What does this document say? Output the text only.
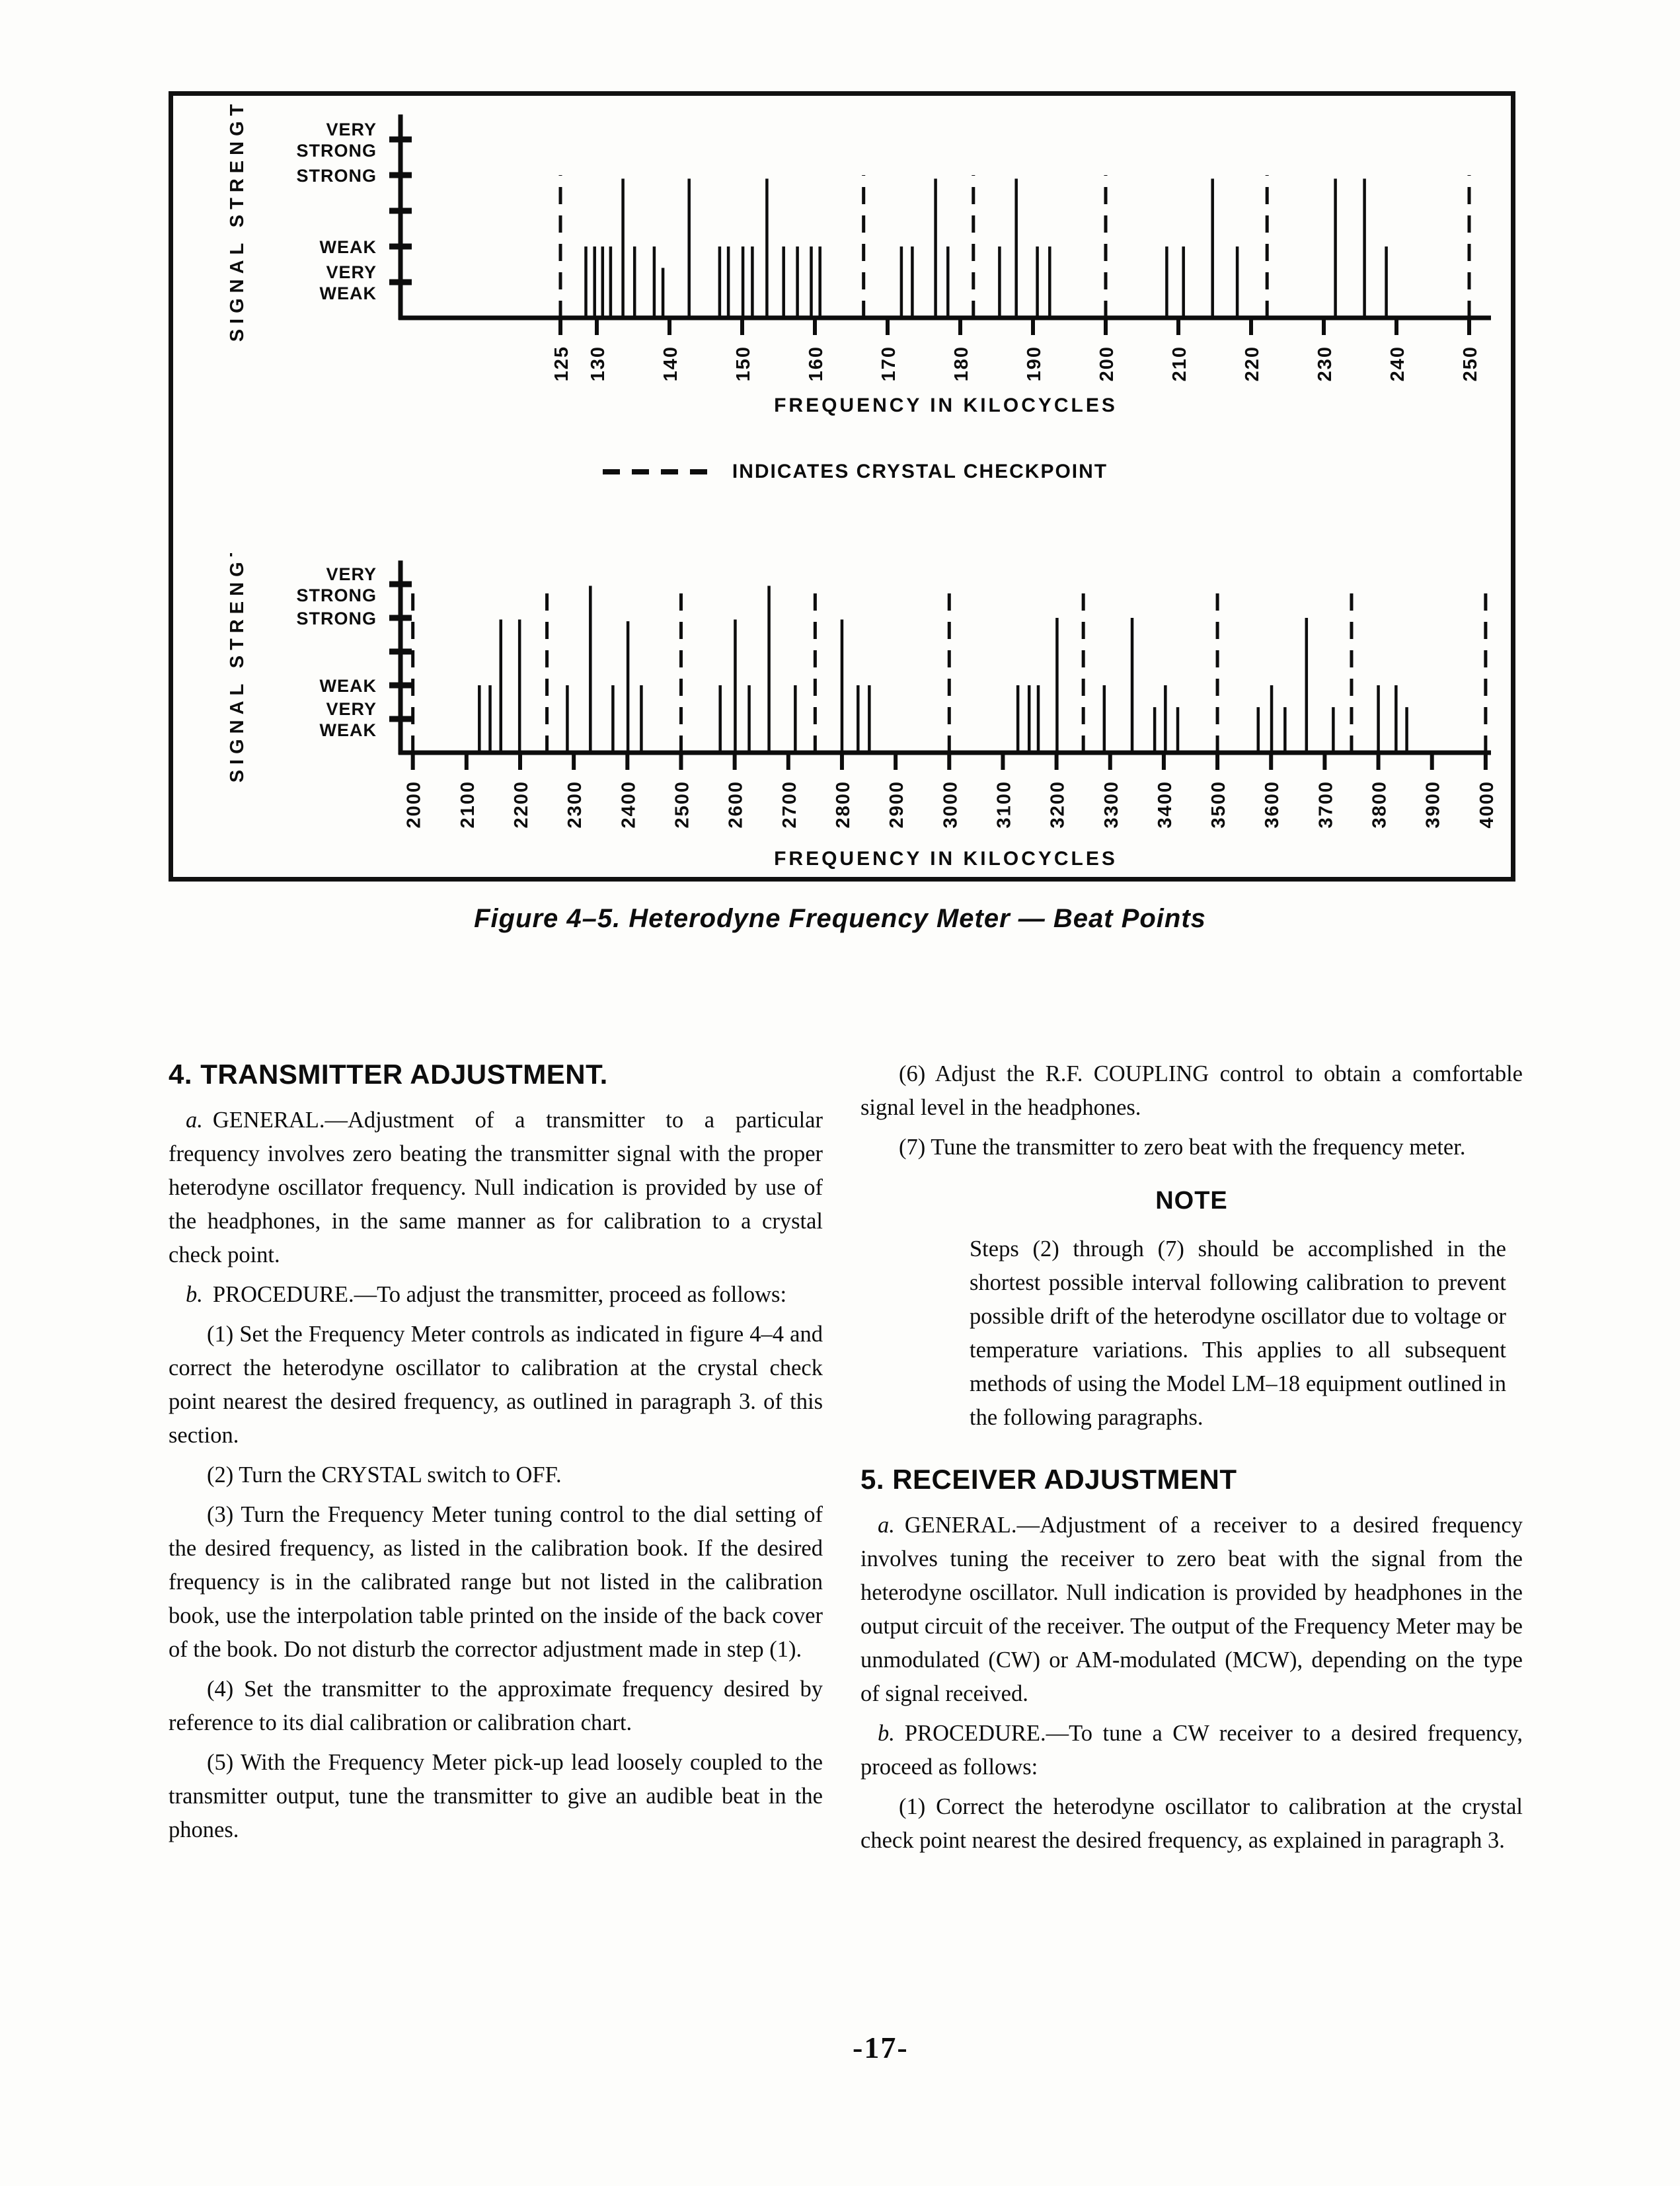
VERY
WEAK
WEAK
STRONG
VERY
STRONG
SIGNAL STRENGTH
125 130	140	150	160	170	180	190	200	210	220	230	240	250
FREQUENCY IN KILOCYCLES
INDICATES CRYSTAL CHECKPOINT
VERY
WEAK
WEAK
STRONG
VERY
STRONG
SIGNAL STRENGTH
2000 2100 2200 2300 2400 2500 2600 2700 2800 2900 3000 3100 3200 3300 3400 3500 3600 3700 3800 3900 4000
FREQUENCY IN KILOCYCLES
Figure 4–5. Heterodyne Frequency Meter — Beat Points
4. TRANSMITTER ADJUSTMENT.

a. GENERAL.—Adjustment of a transmitter to a particular frequency involves zero beating the transmitter signal with the proper heterodyne oscillator frequency. Null indication is provided by use of the headphones, in the same manner as for calibration to a crystal check point.

b. PROCEDURE.—To adjust the transmitter, proceed as follows:

(1) Set the Frequency Meter controls as indicated in figure 4–4 and correct the heterodyne oscillator to calibration at the crystal check point nearest the desired frequency, as outlined in paragraph 3. of this section.

(2) Turn the CRYSTAL switch to OFF.

(3) Turn the Frequency Meter tuning control to the dial setting of the desired frequency, as listed in the calibration book. If the desired frequency is in the calibrated range but not listed in the calibration book, use the interpolation table printed on the inside of the back cover of the book. Do not disturb the corrector adjustment made in step (1).

(4) Set the transmitter to the approximate frequency desired by reference to its dial calibration or calibration chart.

(5) With the Frequency Meter pick-up lead loosely coupled to the transmitter output, tune the transmitter to give an audible beat in the phones.

(6) Adjust the R.F. COUPLING control to obtain a comfortable signal level in the headphones.

(7) Tune the transmitter to zero beat with the frequency meter.

NOTE

Steps (2) through (7) should be accomplished in the shortest possible interval following calibration to prevent possible drift of the heterodyne oscillator due to voltage or temperature variations. This applies to all subsequent methods of using the Model LM–18 equipment outlined in the following paragraphs.

5. RECEIVER ADJUSTMENT

a. GENERAL.—Adjustment of a receiver to a desired frequency involves tuning the receiver to zero beat with the signal from the heterodyne oscillator. Null indication is provided by headphones in the output circuit of the receiver. The output of the Frequency Meter may be unmodulated (CW) or AM-modulated (MCW), depending on the type of signal received.

b. PROCEDURE.—To tune a CW receiver to a desired frequency, proceed as follows:

(1) Correct the heterodyne oscillator to calibration at the crystal check point nearest the desired frequency, as explained in paragraph 3.

-17-
